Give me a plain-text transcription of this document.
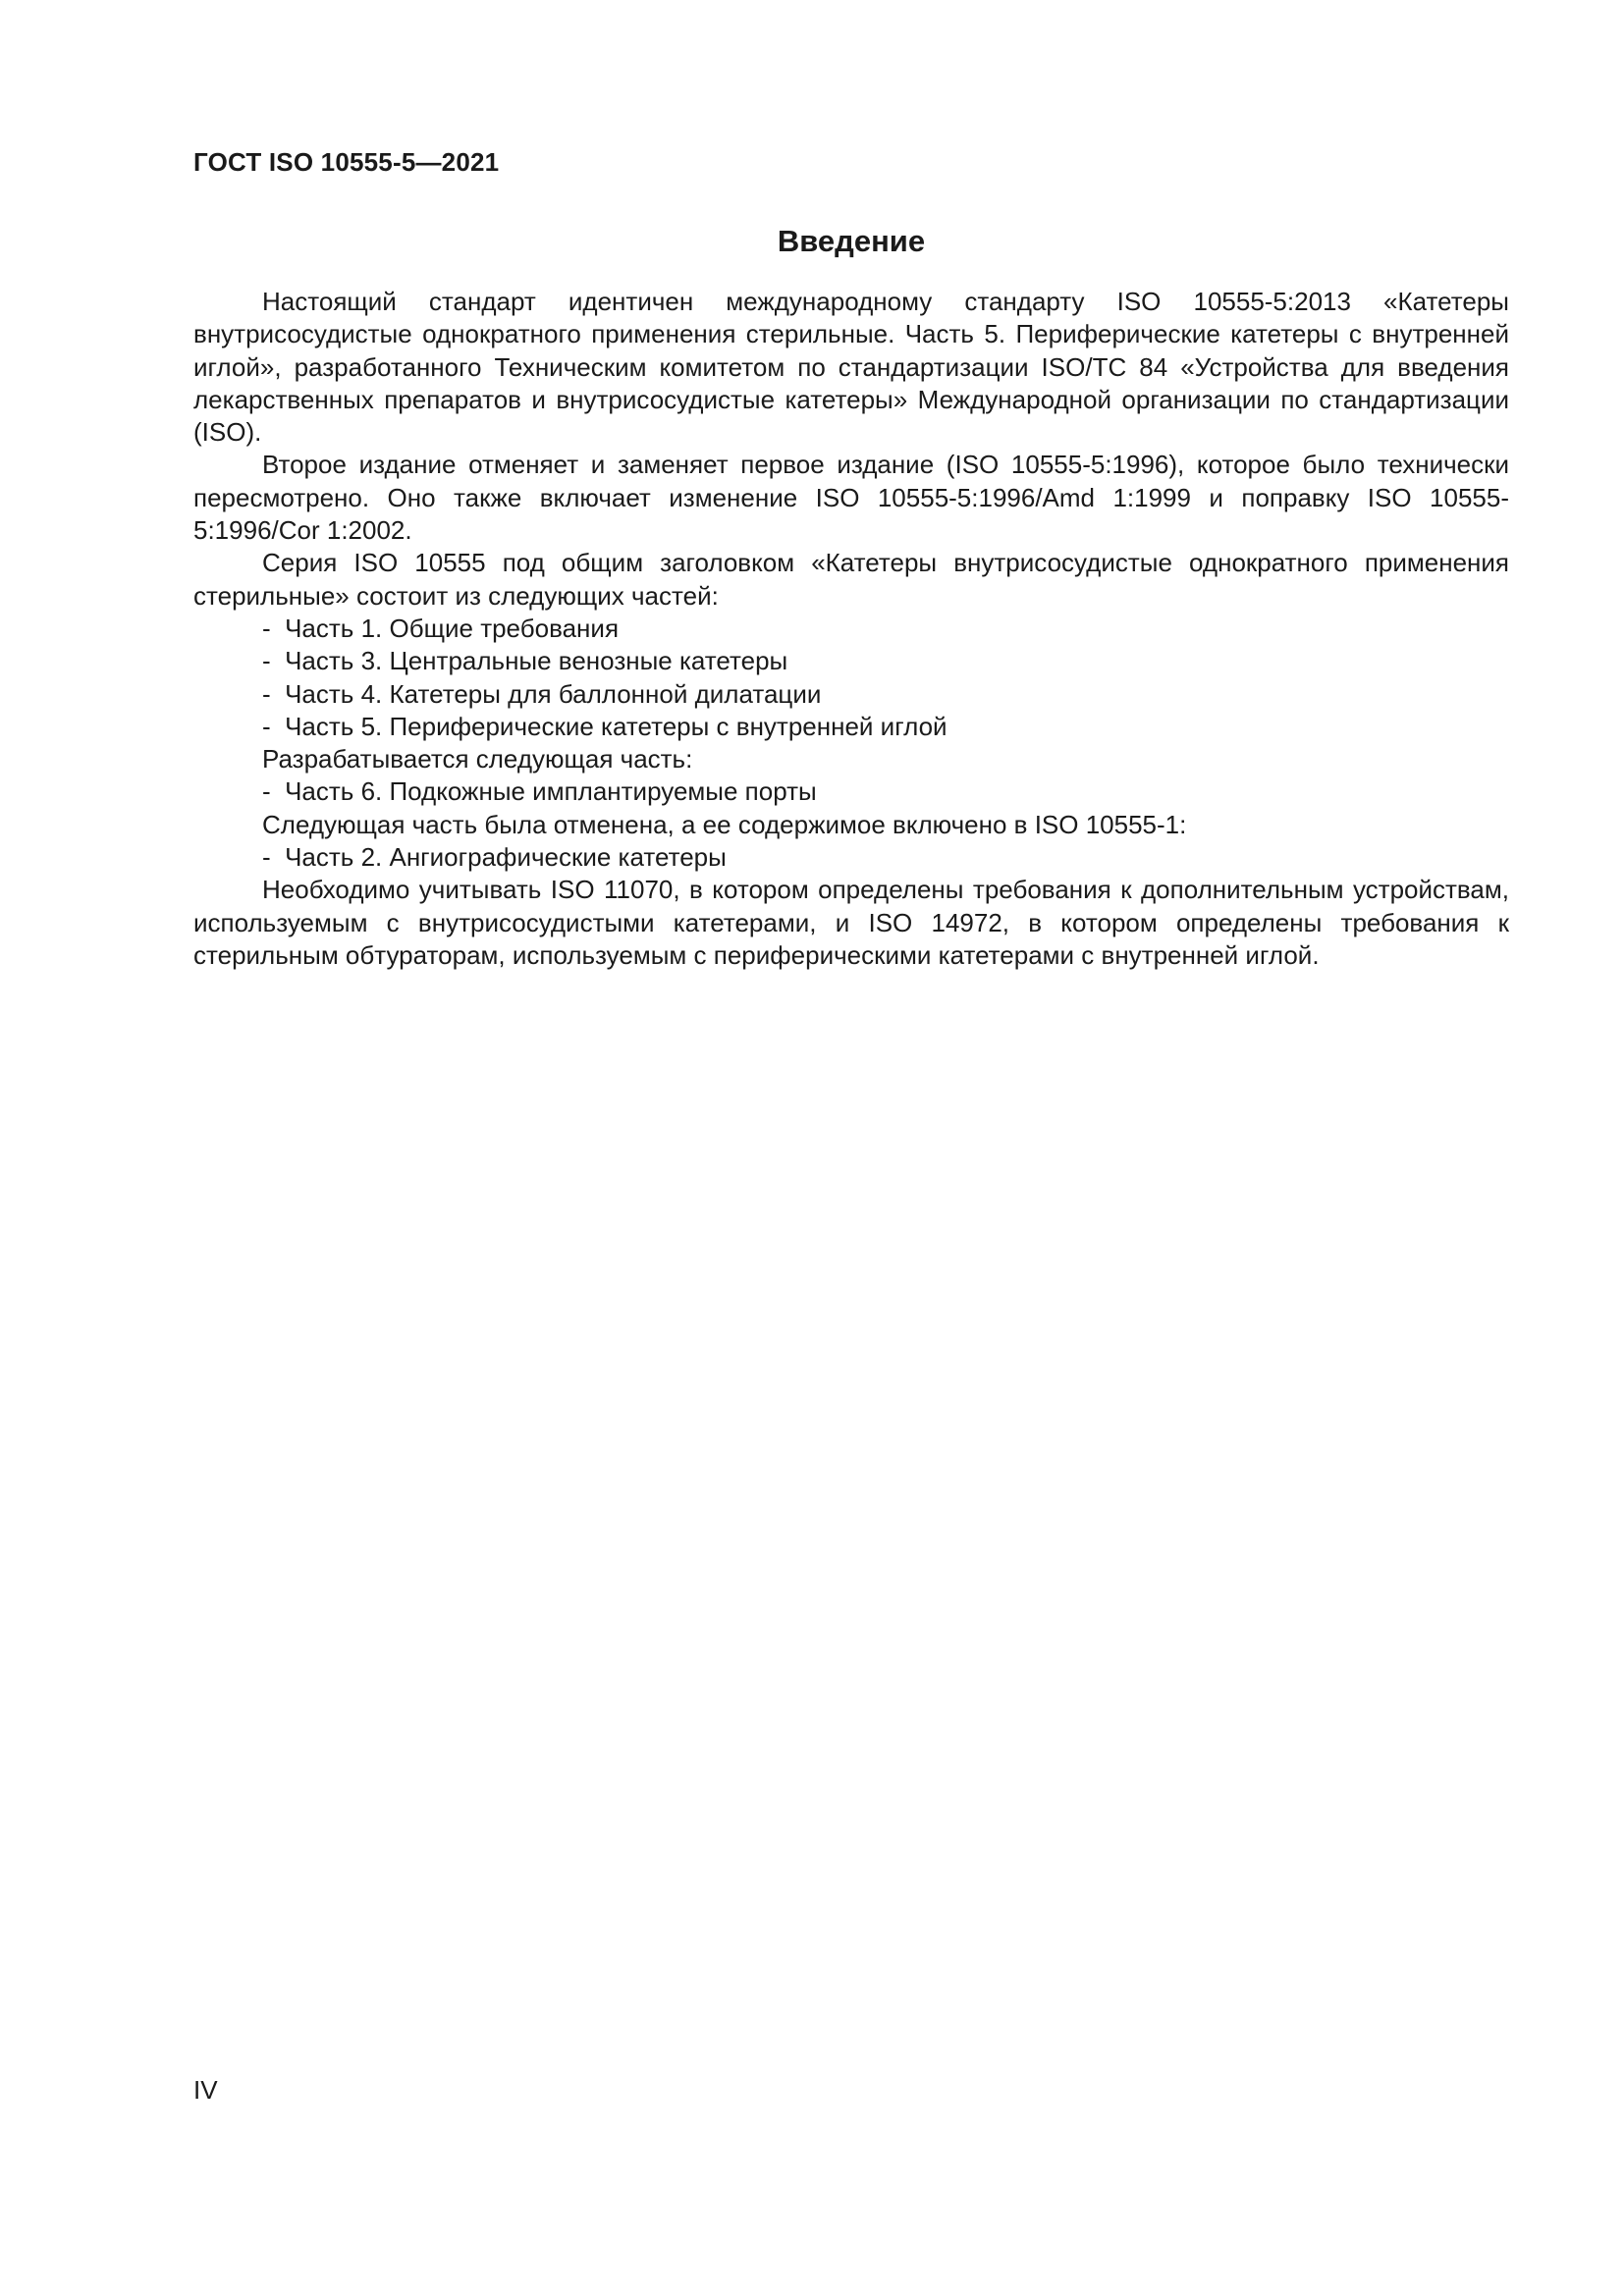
ГОСТ ISO 10555-5—2021
Введение

Настоящий стандарт идентичен международному стандарту ISO 10555-5:2013 «Катетеры внутрисосудистые однократного применения стерильные. Часть 5. Периферические катетеры с внутренней иглой», разработанного Техническим комитетом по стандартизации ISO/TC 84 «Устройства для введения лекарственных препаратов и внутрисосудистые катетеры» Международной организации по стандартизации (ISO).

Второе издание отменяет и заменяет первое издание (ISO 10555-5:1996), которое было технически пересмотрено. Оно также включает изменение ISO 10555-5:1996/Amd 1:1999 и поправку ISO 10555-5:1996/Cor 1:2002.

Серия ISO 10555 под общим заголовком «Катетеры внутрисосудистые однократного применения стерильные» состоит из следующих частей:

-  Часть 1. Общие требования

-  Часть 3. Центральные венозные катетеры

-  Часть 4. Катетеры для баллонной дилатации

-  Часть 5. Периферические катетеры с внутренней иглой

Разрабатывается следующая часть:

-  Часть 6. Подкожные имплантируемые порты

Следующая часть была отменена, а ее содержимое включено в ISO 10555-1:

-  Часть 2. Ангиографические катетеры

Необходимо учитывать ISO 11070, в котором определены требования к дополнительным устройствам, используемым с внутрисосудистыми катетерами, и ISO 14972, в котором определены требования к стерильным обтураторам, используемым с периферическими катетерами с внутренней иглой.

IV
